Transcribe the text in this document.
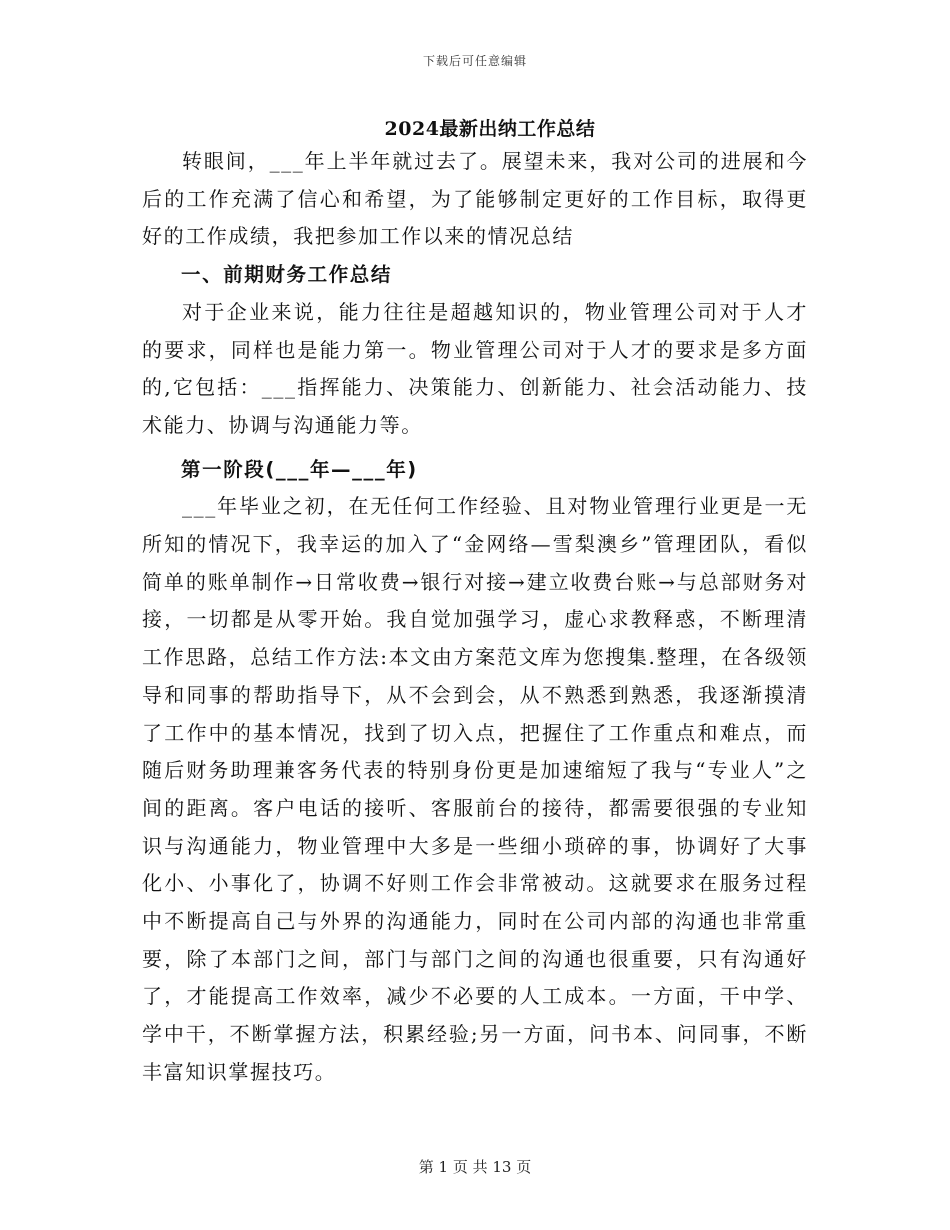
下载后可任意编辑
2024最新出纳工作总结

转眼间，___年上半年就过去了。展望未来，我对公司的进展和今后的工作充满了信心和希望，为了能够制定更好的工作目标，取得更好的工作成绩，我把参加工作以来的情况总结

一、前期财务工作总结

对于企业来说，能力往往是超越知识的，物业管理公司对于人才的要求，同样也是能力第一。物业管理公司对于人才的要求是多方面的,它包括：___指挥能力、决策能力、创新能力、社会活动能力、技术能力、协调与沟通能力等。

第一阶段(___年—___年)

___年毕业之初，在无任何工作经验、且对物业管理行业更是一无所知的情况下，我幸运的加入了“金网络—雪梨澳乡”管理团队，看似简单的账单制作→日常收费→银行对接→建立收费台账→与总部财务对接，一切都是从零开始。我自觉加强学习，虚心求教释惑，不断理清工作思路，总结工作方法:本文由方案范文库为您搜集.整理，在各级领导和同事的帮助指导下，从不会到会，从不熟悉到熟悉，我逐渐摸清了工作中的基本情况，找到了切入点，把握住了工作重点和难点，而随后财务助理兼客务代表的特别身份更是加速缩短了我与“专业人”之间的距离。客户电话的接听、客服前台的接待，都需要很强的专业知识与沟通能力，物业管理中大多是一些细小琐碎的事，协调好了大事化小、小事化了，协调不好则工作会非常被动。这就要求在服务过程中不断提高自己与外界的沟通能力，同时在公司内部的沟通也非常重要，除了本部门之间，部门与部门之间的沟通也很重要，只有沟通好了，才能提高工作效率，减少不必要的人工成本。一方面，干中学、学中干，不断掌握方法，积累经验;另一方面，问书本、问同事，不断丰富知识掌握技巧。

第 1 页 共 13 页
